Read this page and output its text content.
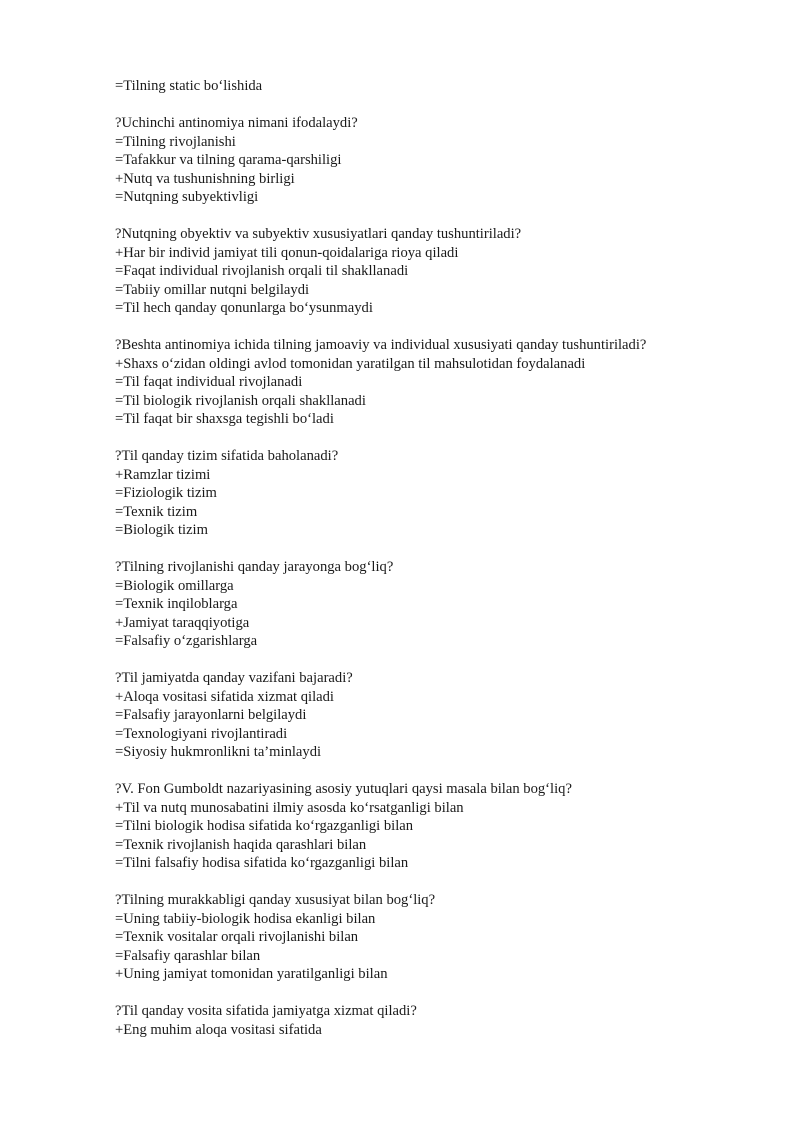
=Tilning static bo‘lishida

?Uchinchi antinomiya nimani ifodalaydi?

=Tilning rivojlanishi

=Tafakkur va tilning qarama-qarshiligi

+Nutq va tushunishning birligi

=Nutqning subyektivligi

?Nutqning obyektiv va subyektiv xususiyatlari qanday tushuntiriladi?

+Har bir individ jamiyat tili qonun-qoidalariga rioya qiladi

=Faqat individual rivojlanish orqali til shakllanadi

=Tabiiy omillar nutqni belgilaydi

=Til hech qanday qonunlarga bo‘ysunmaydi

?Beshta antinomiya ichida tilning jamoaviy va individual xususiyati qanday tushuntiriladi?

+Shaxs o‘zidan oldingi avlod tomonidan yaratilgan til mahsulotidan foydalanadi

=Til faqat individual rivojlanadi

=Til biologik rivojlanish orqali shakllanadi

=Til faqat bir shaxsga tegishli bo‘ladi

?Til qanday tizim sifatida baholanadi?

+Ramzlar tizimi

=Fiziologik tizim

=Texnik tizim

=Biologik tizim

?Tilning rivojlanishi qanday jarayonga bog‘liq?

=Biologik omillarga

=Texnik inqiloblarga

+Jamiyat taraqqiyotiga

=Falsafiy o‘zgarishlarga

?Til jamiyatda qanday vazifani bajaradi?

+Aloqa vositasi sifatida xizmat qiladi

=Falsafiy jarayonlarni belgilaydi

=Texnologiyani rivojlantiradi

=Siyosiy hukmronlikni ta’minlaydi

?V. Fon Gumboldt nazariyasining asosiy yutuqlari qaysi masala bilan bog‘liq?

+Til va nutq munosabatini ilmiy asosda ko‘rsatganligi bilan

=Tilni biologik hodisa sifatida ko‘rgazganligi bilan

=Texnik rivojlanish haqida qarashlari bilan

=Tilni falsafiy hodisa sifatida ko‘rgazganligi bilan

?Tilning murakkabligi qanday xususiyat bilan bog‘liq?

=Uning tabiiy-biologik hodisa ekanligi bilan

=Texnik vositalar orqali rivojlanishi bilan

=Falsafiy qarashlar bilan

+Uning jamiyat tomonidan yaratilganligi bilan

?Til qanday vosita sifatida jamiyatga xizmat qiladi?

+Eng muhim aloqa vositasi sifatida
